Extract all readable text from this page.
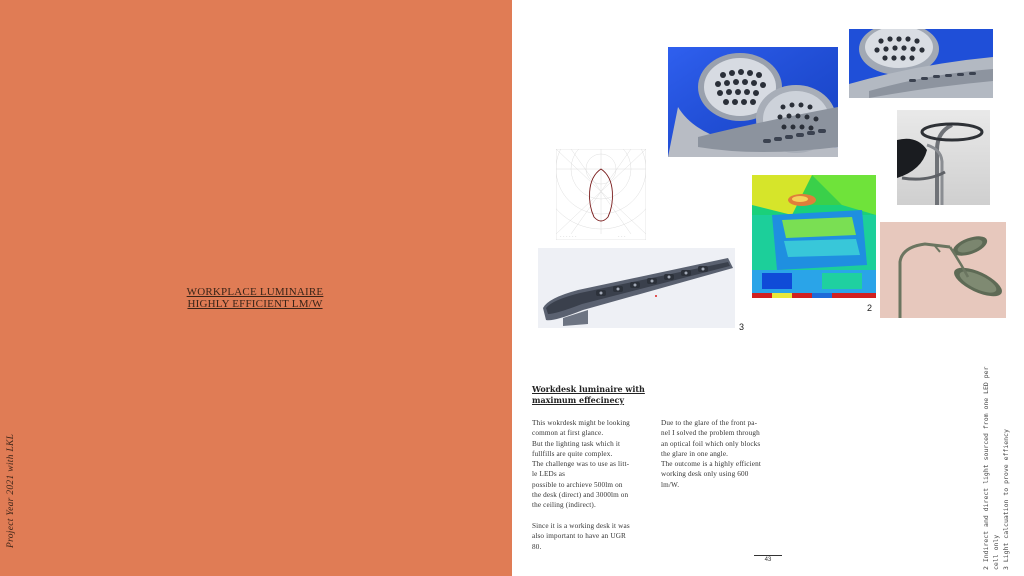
WORKPLACE LUMINAIRE
HIGHLY EFFICIENT LM/W
Project Year 2021 with LKL
- - - - - -	- - -
3
2
Workdesk luminaire with
maximum effecinecy
This wokrdesk might be looking
common at first glance.
But the lighting task which it
fullfills are quite complex.
The challenge was to use as litt-
le LEDs as
possible to archieve 500lm on
the desk (direct) and 3000lm on
the ceiling (indirect).

Since it is a working desk it was
also important to have an UGR
80.
Due to the glare of the front pa-
nel I solved the problem through
an optical foil which only blocks
the glare in one angle.
The outcome is a highly efficient
working desk only using 600
lm/W.
43	2 Indirect and direct light sourced from one LED per cell only 3 Light calcuation to prove effiency
